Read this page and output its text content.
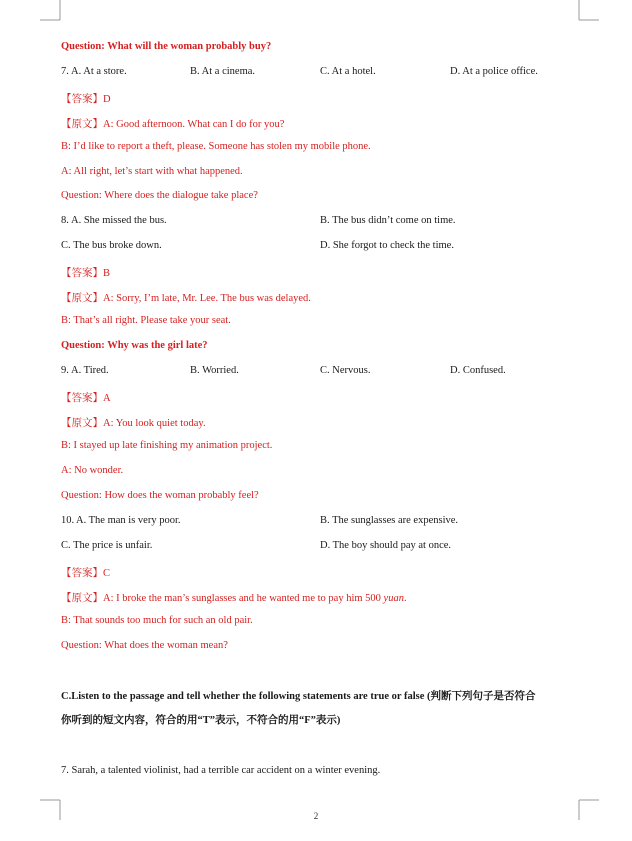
Question: What will the woman probably buy?
7. A. At a store.	B. At a cinema.	C. At a hotel.	D. At a police office.
【答案】D
【原文】A: Good afternoon. What can I do for you?
B: I’d like to report a theft, please. Someone has stolen my mobile phone.
A: All right, let’s start with what happened.
Question: Where does the dialogue take place?
8. A. She missed the bus.	B. The bus didn’t come on time.
C. The bus broke down.	D. She forgot to check the time.
【答案】B
【原文】A: Sorry, I’m late, Mr. Lee. The bus was delayed.
B: That’s all right. Please take your seat.
Question: Why was the girl late?
9. A. Tired.	B. Worried.	C. Nervous.	D. Confused.
【答案】A
【原文】A: You look quiet today.
B: I stayed up late finishing my animation project.
A: No wonder.
Question: How does the woman probably feel?
10. A. The man is very poor.	B. The sunglasses are expensive.
C. The price is unfair.	D. The boy should pay at once.
【答案】C
【原文】A: I broke the man’s sunglasses and he wanted me to pay him 500 yuan.
B: That sounds too much for such an old pair.
Question: What does the woman mean?
C.Listen to the passage and tell whether the following statements are true or false (判断下列句子是否符合
你听到的短文内容，符合的用“T”表示，不符合的用“F”表示)
7. Sarah, a talented violinist, had a terrible car accident on a winter evening.
2
